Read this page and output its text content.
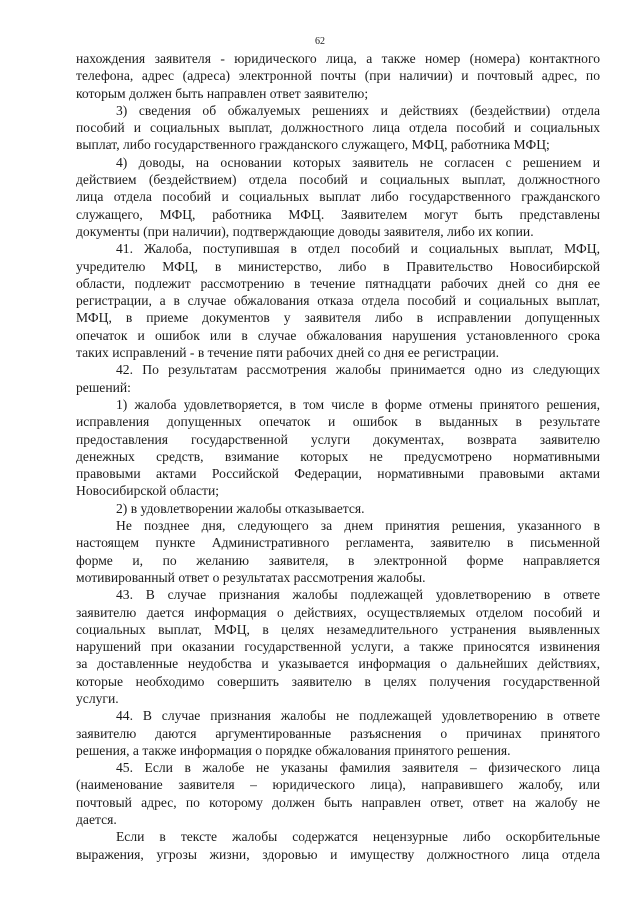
62

нахождения заявителя - юридического лица, а также номер (номера) контактного

телефона, адрес (адреса) электронной почты (при наличии) и почтовый адрес, по

которым должен быть направлен ответ заявителю;

3) сведения об обжалуемых решениях и действиях (бездействии) отдела

пособий и социальных выплат, должностного лица отдела пособий и социальных

выплат, либо государственного гражданского служащего, МФЦ, работника МФЦ;

4) доводы, на основании которых заявитель не согласен с решением и

действием (бездействием) отдела пособий и социальных выплат, должностного

лица отдела пособий и социальных выплат либо государственного гражданского

служащего, МФЦ, работника МФЦ. Заявителем могут быть представлены

документы (при наличии), подтверждающие доводы заявителя, либо их копии.

41. Жалоба, поступившая в отдел пособий и социальных выплат, МФЦ,

учредителю МФЦ, в министерство, либо в Правительство Новосибирской

области, подлежит рассмотрению в течение пятнадцати рабочих дней со дня ее

регистрации, а в случае обжалования отказа отдела пособий и социальных выплат,

МФЦ, в приеме документов у заявителя либо в исправлении допущенных

опечаток и ошибок или в случае обжалования нарушения установленного срока

таких исправлений - в течение пяти рабочих дней со дня ее регистрации.

42. По результатам рассмотрения жалобы принимается одно из следующих

решений:

1) жалоба удовлетворяется, в том числе в форме отмены принятого решения,

исправления допущенных опечаток и ошибок в выданных в результате

предоставления государственной услуги документах, возврата заявителю

денежных средств, взимание которых не предусмотрено нормативными

правовыми актами Российской Федерации, нормативными правовыми актами

Новосибирской области;

2) в удовлетворении жалобы отказывается.

Не позднее дня, следующего за днем принятия решения, указанного в

настоящем пункте Административного регламента, заявителю в письменной

форме и, по желанию заявителя, в электронной форме направляется

мотивированный ответ о результатах рассмотрения жалобы.

43. В случае признания жалобы подлежащей удовлетворению в ответе

заявителю дается информация о действиях, осуществляемых отделом пособий и

социальных выплат, МФЦ, в целях незамедлительного устранения выявленных

нарушений при оказании государственной услуги, а также приносятся извинения

за доставленные неудобства и указывается информация о дальнейших действиях,

которые необходимо совершить заявителю в целях получения государственной

услуги.

44. В случае признания жалобы не подлежащей удовлетворению в ответе

заявителю даются аргументированные разъяснения о причинах принятого

решения, а также информация о порядке обжалования принятого решения.

45. Если в жалобе не указаны фамилия заявителя – физического лица

(наименование заявителя – юридического лица), направившего жалобу, или

почтовый адрес, по которому должен быть направлен ответ, ответ на жалобу не

дается.

Если в тексте жалобы содержатся нецензурные либо оскорбительные

выражения, угрозы жизни, здоровью и имуществу должностного лица отдела
